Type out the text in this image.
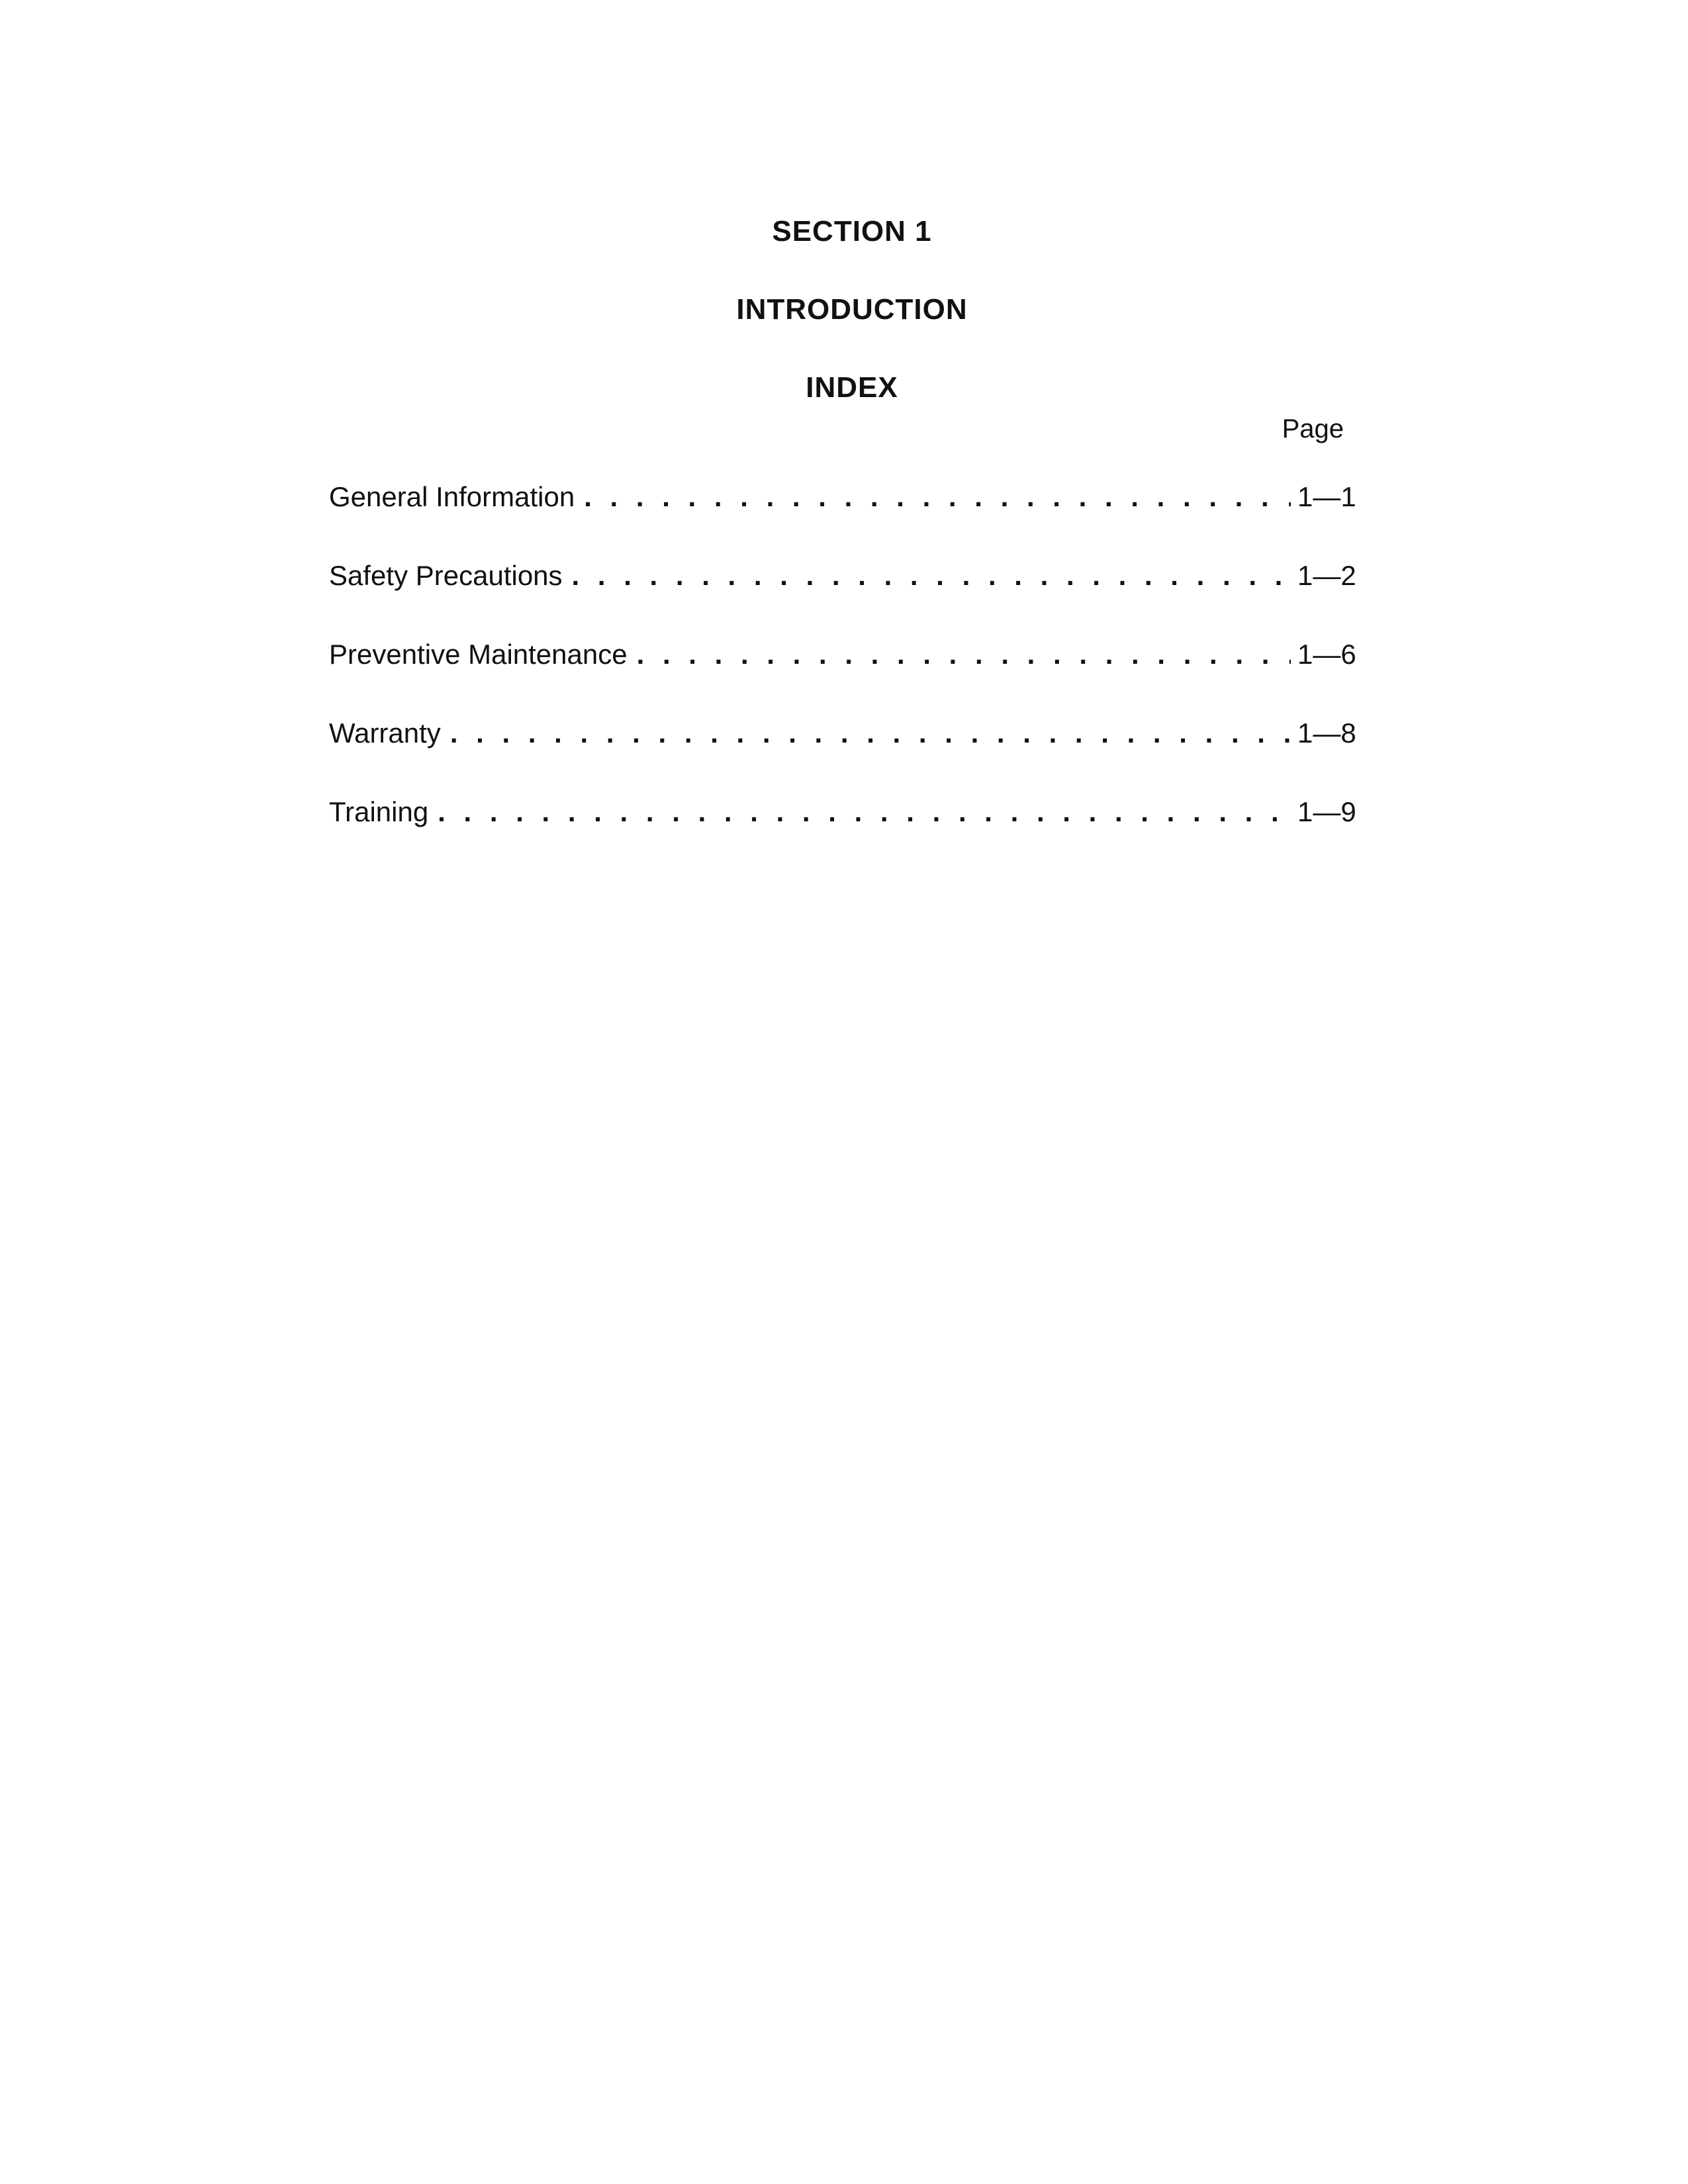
SECTION 1
INTRODUCTION
INDEX
Page
General Information . . .	1—1
Safety Precautions . . .	1—2
Preventive Maintenance . . .	1—6
Warranty . . .	1—8
Training . . .	1—9
